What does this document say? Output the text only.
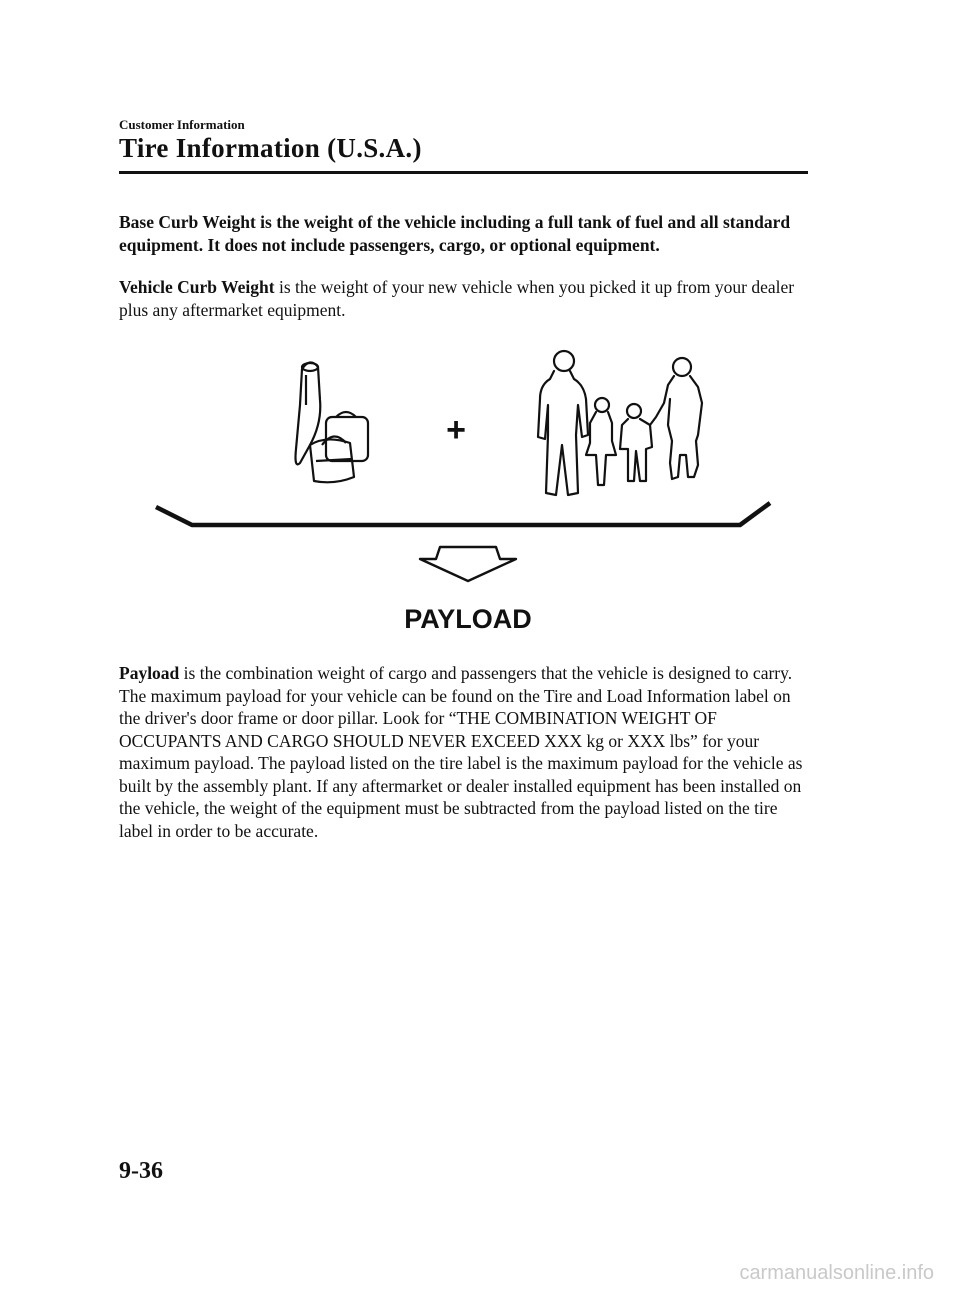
Customer Information
Tire Information (U.S.A.)

Base Curb Weight is the weight of the vehicle including a full tank of fuel and all standard equipment. It does not include passengers, cargo, or optional equipment.

Vehicle Curb Weight is the weight of your new vehicle when you picked it up from your dealer plus any aftermarket equipment.

+
PAYLOAD

Payload is the combination weight of cargo and passengers that the vehicle is designed to carry. The maximum payload for your vehicle can be found on the Tire and Load Information label on the driver's door frame or door pillar. Look for “THE COMBINATION WEIGHT OF OCCUPANTS AND CARGO SHOULD NEVER EXCEED XXX kg or XXX lbs” for your maximum payload. The payload listed on the tire label is the maximum payload for the vehicle as built by the assembly plant. If any aftermarket or dealer installed equipment has been installed on the vehicle, the weight of the equipment must be subtracted from the payload listed on the tire label in order to be accurate.

9-36
carmanualsonline.info
